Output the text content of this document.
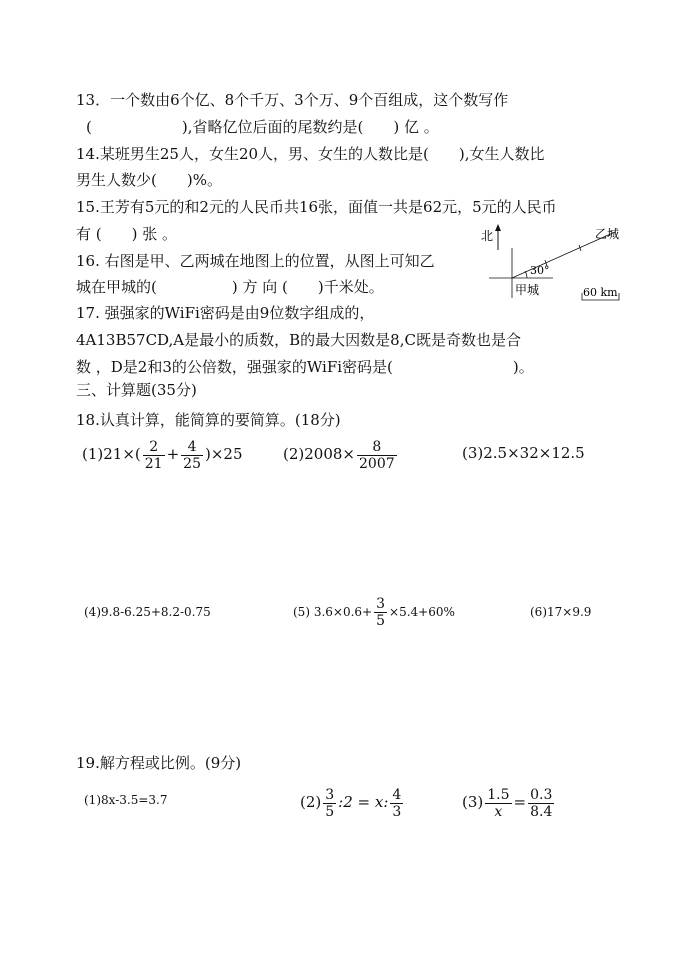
13．一个数由6个亿、8个千万、3个万、9个百组成，这个数写作
(　　　　　　),省略亿位后面的尾数约是(　　) 亿 。
14.某班男生25人，女生20人，男、女生的人数比是(　　),女生人数比
男生人数少(　　)%。
15.王芳有5元的和2元的人民币共16张，面值一共是62元，5元的人民币
有 (　　) 张 。
16. 右图是甲、乙两城在地图上的位置，从图上可知乙
城在甲城的(　　　　　) 方 向 (　　)千米处。
北
30°
乙城
甲城	60 km
17. 强强家的WiFi密码是由9位数字组成的，
4A13B57CD,A是最小的质数，B的最大因数是8,C既是奇数也是合
数 ，D是2和3的公倍数，强强家的WiFi密码是(　　　　　　　　)。
三、计算题(35分)
18.认真计算，能简算的要简算。(18分)
$(1)21\times( \frac{2}{21} + \frac{4}{25} )\times 25$	$(2)2008\times \frac{8}{2007}$	(3)2.5×32×12.5
(4)9.8-6.25+8.2-0.75	(5) $3.6\times 0.6+ \frac{3}{5} \times 5.4+60\%$	(6)17×9.9
19.解方程或比例。(9分)
(1)8x-3.5=3.7	$(2) \frac{3}{5}$ :2 = x: $\frac{4}{3}$	$(3) \frac{1.5}{x} = \frac{0.3}{8.4}$
